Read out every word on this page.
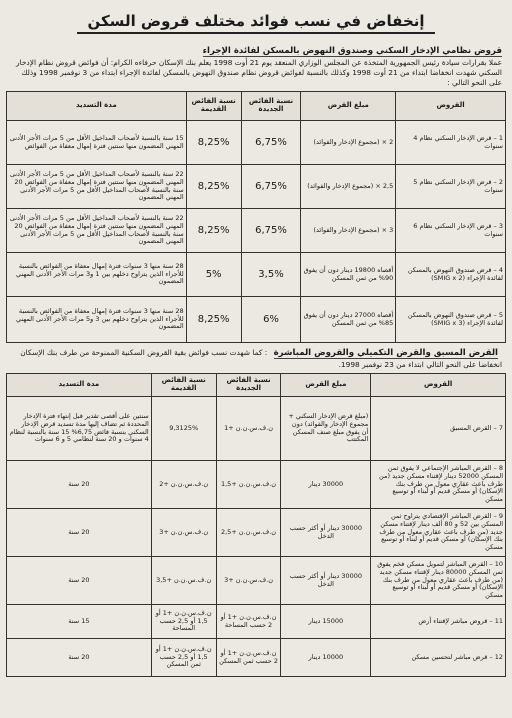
إنخفاض في نسب فوائد مختلف قروض السكن
قروض نظامي الإدخار السكني وصندوق النهوض بالمسكن لفائدة الإجراء
عملا بقرارات سيادة رئيس الجمهورية المتخذة عن المجلس الوزاري المنعقد يوم 21 أوت 1998 يعلم بنك الإسكان حرفاءه الكرام: أن فوائض قروض نظام الإدخار السكني شهدت انخفاضا ابتداء من 21 أوت 1998 وكذلك بالنسبة لفوائض قروض نظام صندوق النهوض بالمسكن لفائدة الإجراء ابتداء من 3 نوفمبر 1998 وذلك على النحو التالي :
القروض	مبلغ القرض	نسبة الفائض الجديدة	نسبة الفائض القديمة	مدة التسديد
1 – قرض الإدخار السكني نظام 4 سنوات	2 × (مجموع الإدخار والفوائد)	6,75%	8,25%	15 سنة بالنسبة لأصحاب المداخيل الأقل من 5 مرات الأجر الأدنى المهني المضمون منها سنتين فترة إمهال معفاة من الفوائض
2 – قرض الإدخار السكني نظام 5 سنوات	2,5 × (مجموع الإدخار والفوائد)	6,75%	8,25%	22 سنة بالنسبة لأصحاب المداخيل الأقل من 5 مرات الأجر الأدنى المهني المضمون منها سنتين فترة إمهال معفاة من الفوائض 20 سنة بالنسبة لأصحاب المداخيل الأقل من 5 مرات الأجر الأدنى المهني المضمون
3 – قرض الإدخار السكني نظام 6 سنوات	3 × (مجموع الإدخار والفوائد)	6,75%	8,25%	22 سنة بالنسبة لأصحاب المداخيل الأقل من 5 مرات الأجر الأدنى المهني المضمون منها سنتين فترة إمهال معفاة من الفوائض 20 سنة بالنسبة لأصحاب المداخيل الأقل من 5 مرات الأجر الأدنى المهني المضمون
4 – قرض صندوق النهوض بالمسكن لفائدة الإجراء (SMIG x 2)	أقصاه 19800 دينار دون أن يفوق 90% من ثمن المسكن	3,5%	5%	28 سنة منها 3 سنوات فترة إمهال معفاة من الفوائض بالنسبة للأجراء الذين يتراوح دخلهم بين 1 و3 مرات الأجر الأدنى المهني المضمون
5 – قرض صندوق النهوض بالمسكن لفائدة الإجراء (SMIG x 3)	أقصاه 27000 دينار دون أن يفوق 85% من ثمن المسكن	6%	8,25%	28 سنة منها 3 سنوات فترة إمهال معفاة من الفوائض بالنسبة للأجراء الذين يتراوح دخلهم بين 3 و5 مرات الأجر الأدنى المهني المضمون
القرض المسبق والقرض التكميلي والقروض المباشرة : كما شهدت نسب فوائض بقية القروض السكنية الممنوحة من طرف بنك الإسكان انخفاضا على النحو التالي ابتداء من 23 نوفمبر 1998.
القروض	مبلغ القرض	نسبة الفائض الجديدة	نسبة الفائض القديمة	مدة التسديد
7 – القرض المسبق	(مبلغ قرض الإدخار السكني + مجموع الإدخار والفوائد) دون أن يفوق مبلغ صنف المسكن المكتتب	ن.ف.س.ن.ن +1	9,3125%	سنتين على أقصى تقدير قبل إنتهاء فترة الإدخار المحددة ثم تضاف إليها مدة تسديد قرض الإدخار السكني بنسبة فائض 6,75% 15 سنة بالنسبة لنظام 4 سنوات و 20 سنة لنظامي 5 و 6 سنوات
8 – القرض المباشر الإجتماعي لا يفوق ثمن المسكن 52000 دينار لإقتناء مسكن جديد (من طرف باعث عقاري معول من طرف بنك الإسكان) أو مسكن قديم أو لبناء أو توسيع مسكن	30000 دينار	ن.ف.س.ن.ن +1,5	ن.ف.س.ن.ن +2	20 سنة
9 – القرض المباشر الإقتصادي يتراوح ثمن المسكن بين 52 و 80 ألف دينار لإقتناء مسكن جديد (من طرف باعث عقاري معول من طرف بنك الإسكان) أو مسكن قديم أو لبناء أو توسيع مسكن	30000 دينار أو أكثر حسب الدخل	ن.ف.س.ن.ن +2,5	ن.ف.س.ن.ن +3	20 سنة
10 – القرض المباشر لتمويل مسكن فخم يفوق ثمن المسكن 80000 دينار لإقتناء مسكن جديد (من طرف باعث عقاري معول من طرف بنك الإسكان) أو مسكن قديم أو لبناء أو توسيع مسكن	30000 دينار أو أكثر حسب الدخل	ن.ف.س.ن.ن +3	ن.ف.س.ن.ن +3,5	20 سنة
11 – قروض مباشر لإقتناء أرض	15000 دينار	ن.ف.س.ن.ن +1 أو 2 حسب المساحة	ن.ف.س.ن.ن +1 أو 1,5 أو 2,5 حسب المساحة	15 سنة
12 – قرض مباشر لتحسين مسكن	10000 دينار	ن.ف.س.ن.ن +1 أو 2 حسب ثمن المسكن	ن.ف.س.ن.ن +1 أو 1,5 أو 2,5 حسب ثمن المسكن	20 سنة
